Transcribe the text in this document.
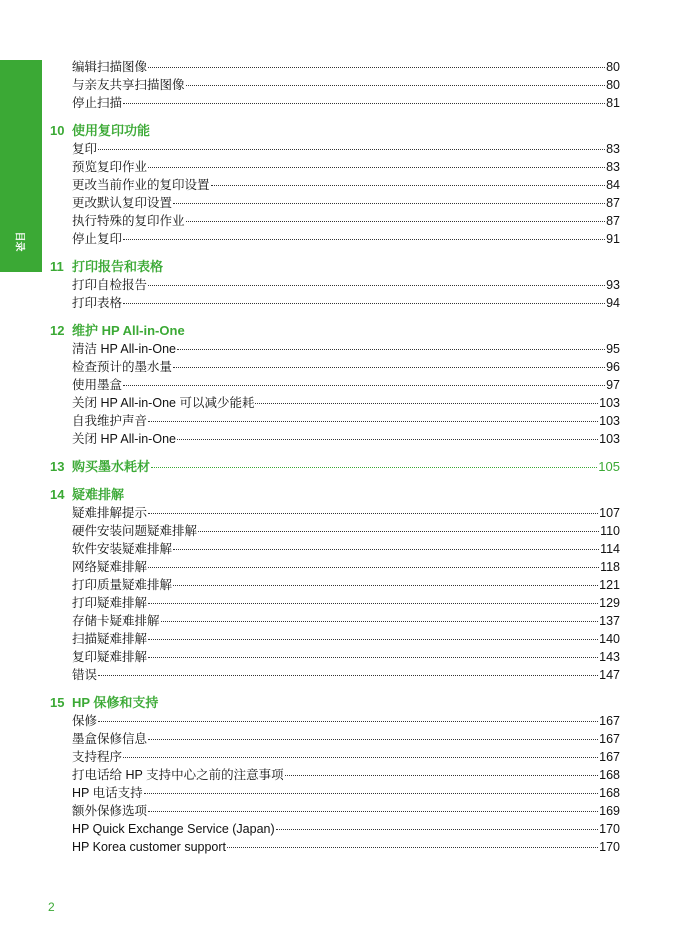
目录
编辑扫描图像	80
与亲友共享扫描图像	80
停止扫描	81
10 使用复印功能
复印	83
预览复印作业	83
更改当前作业的复印设置	84
更改默认复印设置	87
执行特殊的复印作业	87
停止复印	91
11 打印报告和表格
打印自检报告	93
打印表格	94
12 维护 HP All-in-One
清洁 HP All-in-One	95
检查预计的墨水量	96
使用墨盒	97
关闭 HP All-in-One 可以减少能耗	103
自我维护声音	103
关闭 HP All-in-One	103
13 购买墨水耗材	105
14 疑难排解
疑难排解提示	107
硬件安装问题疑难排解	110
软件安装疑难排解	114
网络疑难排解	118
打印质量疑难排解	121
打印疑难排解	129
存储卡疑难排解	137
扫描疑难排解	140
复印疑难排解	143
错误	147
15 HP 保修和支持
保修	167
墨盒保修信息	167
支持程序	167
打电话给 HP 支持中心之前的注意事项	168
HP 电话支持	168
额外保修选项	169
HP Quick Exchange Service (Japan)	170
HP Korea customer support	170
2
